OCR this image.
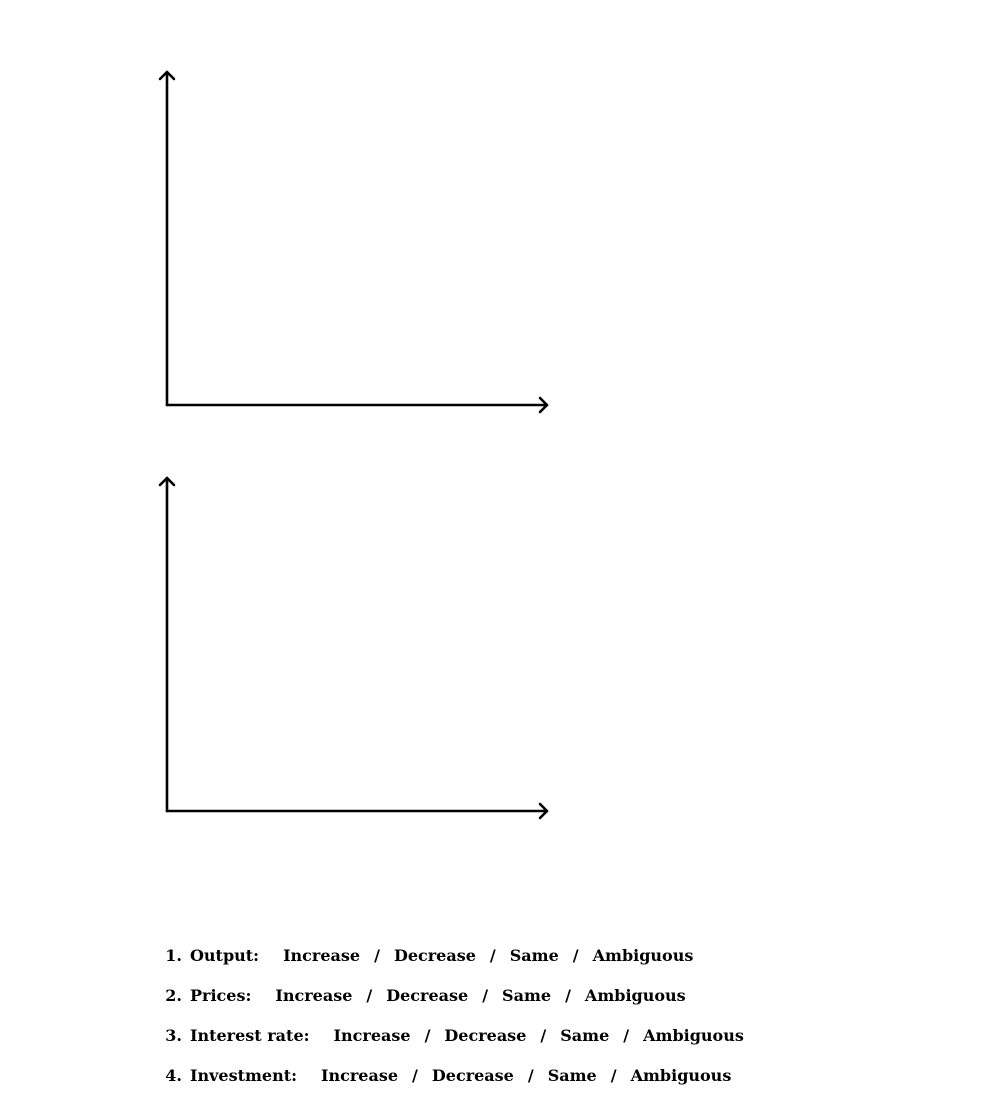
1. Output: Increase / Decrease / Same / Ambiguous

2. Prices: Increase / Decrease / Same / Ambiguous

3. Interest rate: Increase / Decrease / Same / Ambiguous

4. Investment: Increase / Decrease / Same / Ambiguous
